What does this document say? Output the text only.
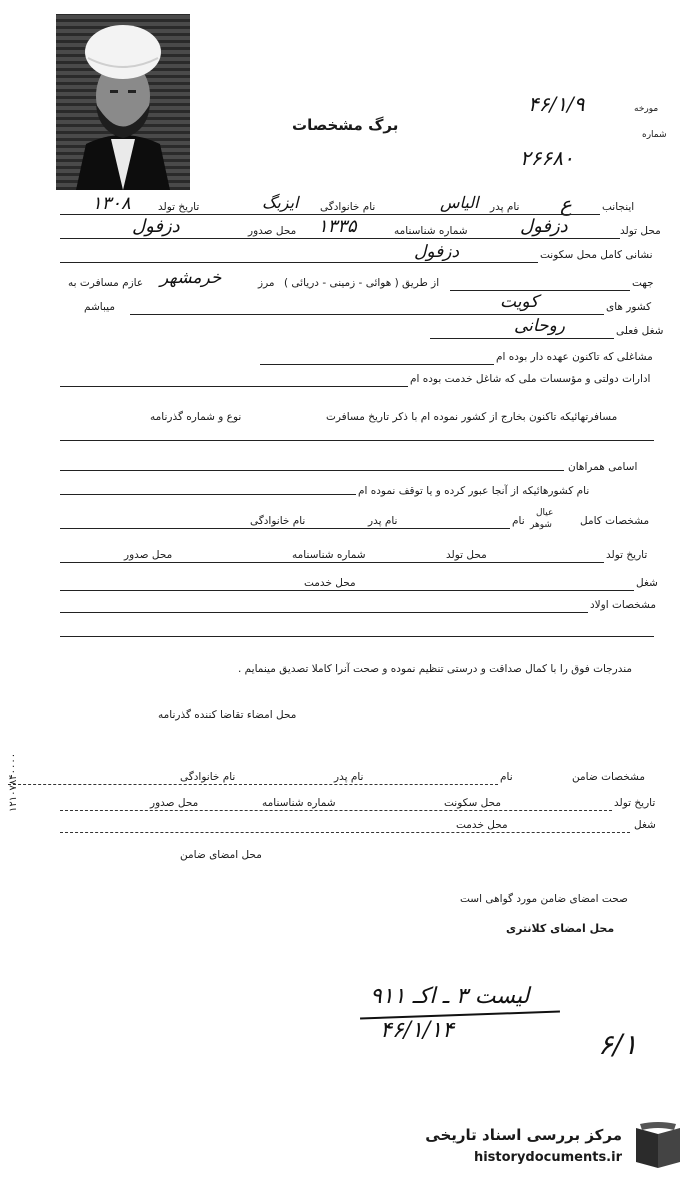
مورخه
۴۶/۱/۹
شماره
۲۶۶۸۰
برگ مشخصات
اینجانب
ع
نام پدر
الیاس
نام خانوادگی
ایزبگ
تاریخ تولد
۱۳۰۸
محل تولد
دزفول
شماره شناسنامه
۱۳۳۵
محل صدور
دزفول
نشانی کامل محل سکونت
دزفول
جهت
از طریق ( هوائی - زمینی - دریائی )
مرز
خرمشهر
عازم مسافرت به
کشور های
کویت
میباشم
شغل فعلی
روحانی
مشاغلی که تاکنون عهده دار بوده ام
ادارات دولتی و مؤسسات ملی که شاغل خدمت بوده ام
مسافرتهائیکه تاکنون بخارج از کشور نموده ام با ذکر تاریخ مسافرت
نوع و شماره گذرنامه
اسامی همراهان
نام کشورهائیکه از آنجا عبور کرده و یا توقف نموده ام
مشخصات کامل
عیال
شوهر
نام
نام پدر
نام خانوادگی
تاریخ تولد
محل تولد
شماره شناسنامه
محل صدور
شغل
محل خدمت
مشخصات اولاد
مندرجات فوق را با کمال صداقت و درستی تنظیم نموده و صحت آنرا کاملا تصدیق مینمایم .
محل امضاء تقاضا کننده گذرنامه
مشخصات ضامن
نام
نام پدر
نام خانوادگی
تاریخ تولد
محل سکونت
شماره شناسنامه
محل صدور
شغل
محل خدمت
محل امضای ضامن
صحت امضای ضامن مورد گواهی است
محل امضای کلانتری
لیست ۳ ـ اکـ ۹۱۱
۴۶/۱/۱۴	۶/۱
۱۲۱۰۷۸۴۰۰۰۰
مرکز بررسی اسناد تاریخی
historydocuments.ir
